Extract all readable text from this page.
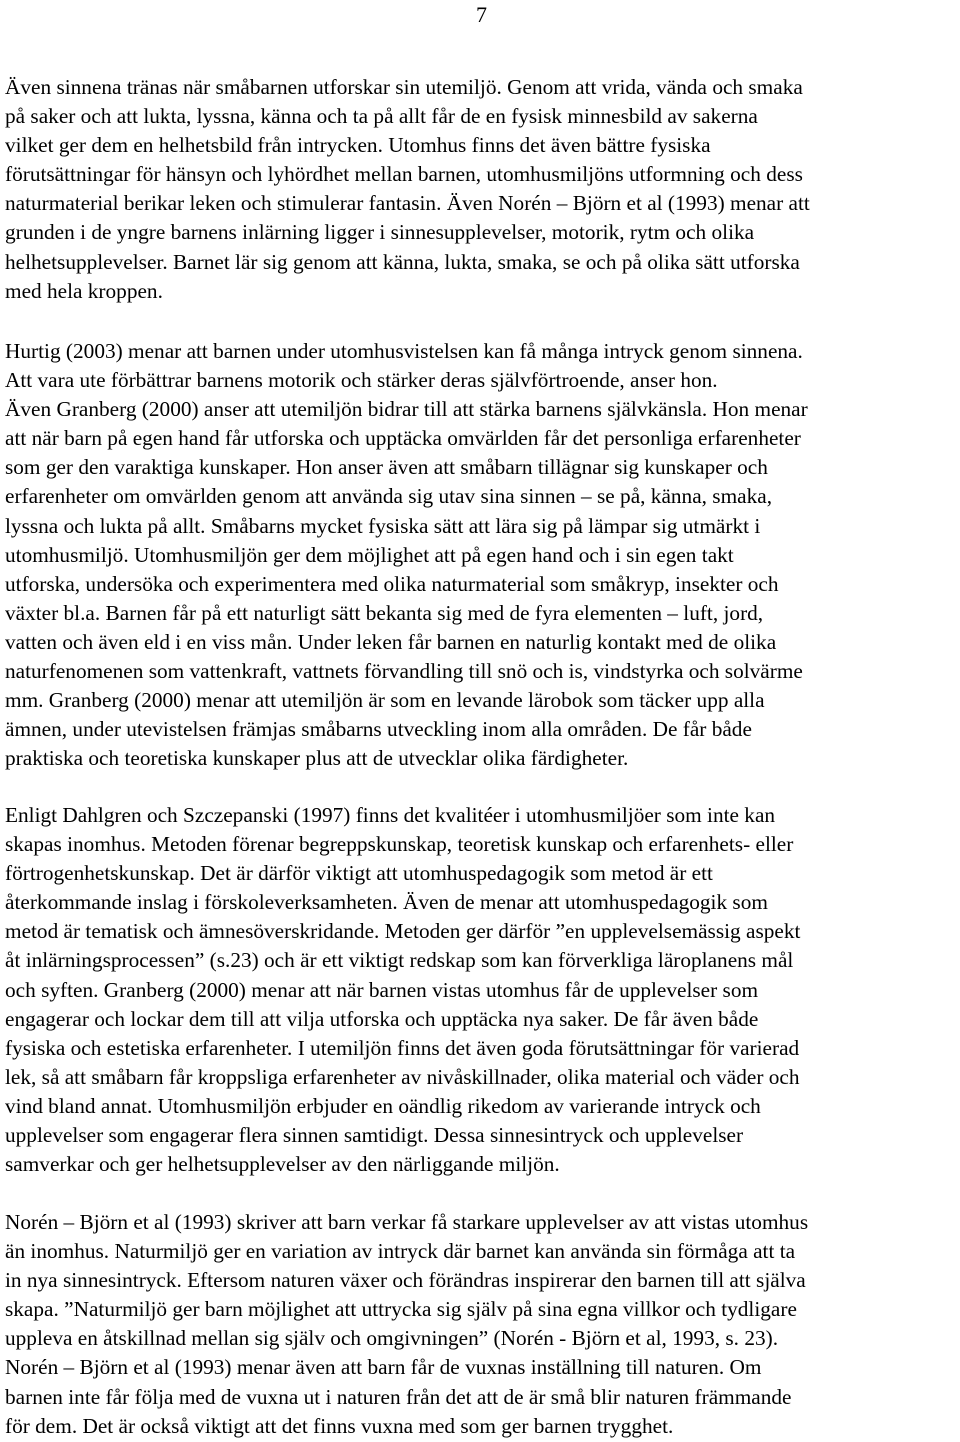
7
Även sinnena tränas när småbarnen utforskar sin utemiljö. Genom att vrida, vända och smaka
på saker och att lukta, lyssna, känna och ta på allt får de en fysisk minnesbild av sakerna
vilket ger dem en helhetsbild från intrycken. Utomhus finns det även bättre fysiska
förutsättningar för hänsyn och lyhördhet mellan barnen, utomhusmiljöns utformning och dess
naturmaterial berikar leken och stimulerar fantasin. Även Norén – Björn et al (1993) menar att
grunden i de yngre barnens inlärning ligger i sinnesupplevelser, motorik, rytm och olika
helhetsupplevelser. Barnet lär sig genom att känna, lukta, smaka, se och på olika sätt utforska
med hela kroppen.
Hurtig (2003) menar att barnen under utomhusvistelsen kan få många intryck genom sinnena.
Att vara ute förbättrar barnens motorik och stärker deras självförtroende, anser hon.
Även Granberg (2000) anser att utemiljön bidrar till att stärka barnens självkänsla. Hon menar
att när barn på egen hand får utforska och upptäcka omvärlden får det personliga erfarenheter
som ger den varaktiga kunskaper. Hon anser även att småbarn tillägnar sig kunskaper och
erfarenheter om omvärlden genom att använda sig utav sina sinnen – se på, känna, smaka,
lyssna och lukta på allt. Småbarns mycket fysiska sätt att lära sig på lämpar sig utmärkt i
utomhusmiljö. Utomhusmiljön ger dem möjlighet att på egen hand och i sin egen takt
utforska, undersöka och experimentera med olika naturmaterial som småkryp, insekter och
växter bl.a. Barnen får på ett naturligt sätt bekanta sig med de fyra elementen – luft, jord,
vatten och även eld i en viss mån. Under leken får barnen en naturlig kontakt med de olika
naturfenomenen som vattenkraft, vattnets förvandling till snö och is, vindstyrka och solvärme
mm. Granberg (2000) menar att utemiljön är som en levande lärobok som täcker upp alla
ämnen, under utevistelsen främjas småbarns utveckling inom alla områden. De får både
praktiska och teoretiska kunskaper plus att de utvecklar olika färdigheter.
Enligt Dahlgren och Szczepanski (1997) finns det kvalitéer i utomhusmiljöer som inte kan
skapas inomhus. Metoden förenar begreppskunskap, teoretisk kunskap och erfarenhets- eller
förtrogenhetskunskap. Det är därför viktigt att utomhuspedagogik som metod är ett
återkommande inslag i förskoleverksamheten. Även de menar att utomhuspedagogik som
metod är tematisk och ämnesöverskridande. Metoden ger därför ”en upplevelsemässig aspekt
åt inlärningsprocessen” (s.23) och är ett viktigt redskap som kan förverkliga läroplanens mål
och syften. Granberg (2000) menar att när barnen vistas utomhus får de upplevelser som
engagerar och lockar dem till att vilja utforska och upptäcka nya saker. De får även både
fysiska och estetiska erfarenheter. I utemiljön finns det även goda förutsättningar för varierad
lek, så att småbarn får kroppsliga erfarenheter av nivåskillnader, olika material och väder och
vind bland annat. Utomhusmiljön erbjuder en oändlig rikedom av varierande intryck och
upplevelser som engagerar flera sinnen samtidigt. Dessa sinnesintryck och upplevelser
samverkar och ger helhetsupplevelser av den närliggande miljön.
Norén – Björn et al (1993) skriver att barn verkar få starkare upplevelser av att vistas utomhus
än inomhus. Naturmiljö ger en variation av intryck där barnet kan använda sin förmåga att ta
in nya sinnesintryck. Eftersom naturen växer och förändras inspirerar den barnen till att själva
skapa. ”Naturmiljö ger barn möjlighet att uttrycka sig själv på sina egna villkor och tydligare
uppleva en åtskillnad mellan sig själv och omgivningen” (Norén - Björn et al, 1993, s. 23).
Norén – Björn et al (1993) menar även att barn får de vuxnas inställning till naturen. Om
barnen inte får följa med de vuxna ut i naturen från det att de är små blir naturen främmande
för dem. Det är också viktigt att det finns vuxna med som ger barnen trygghet.
